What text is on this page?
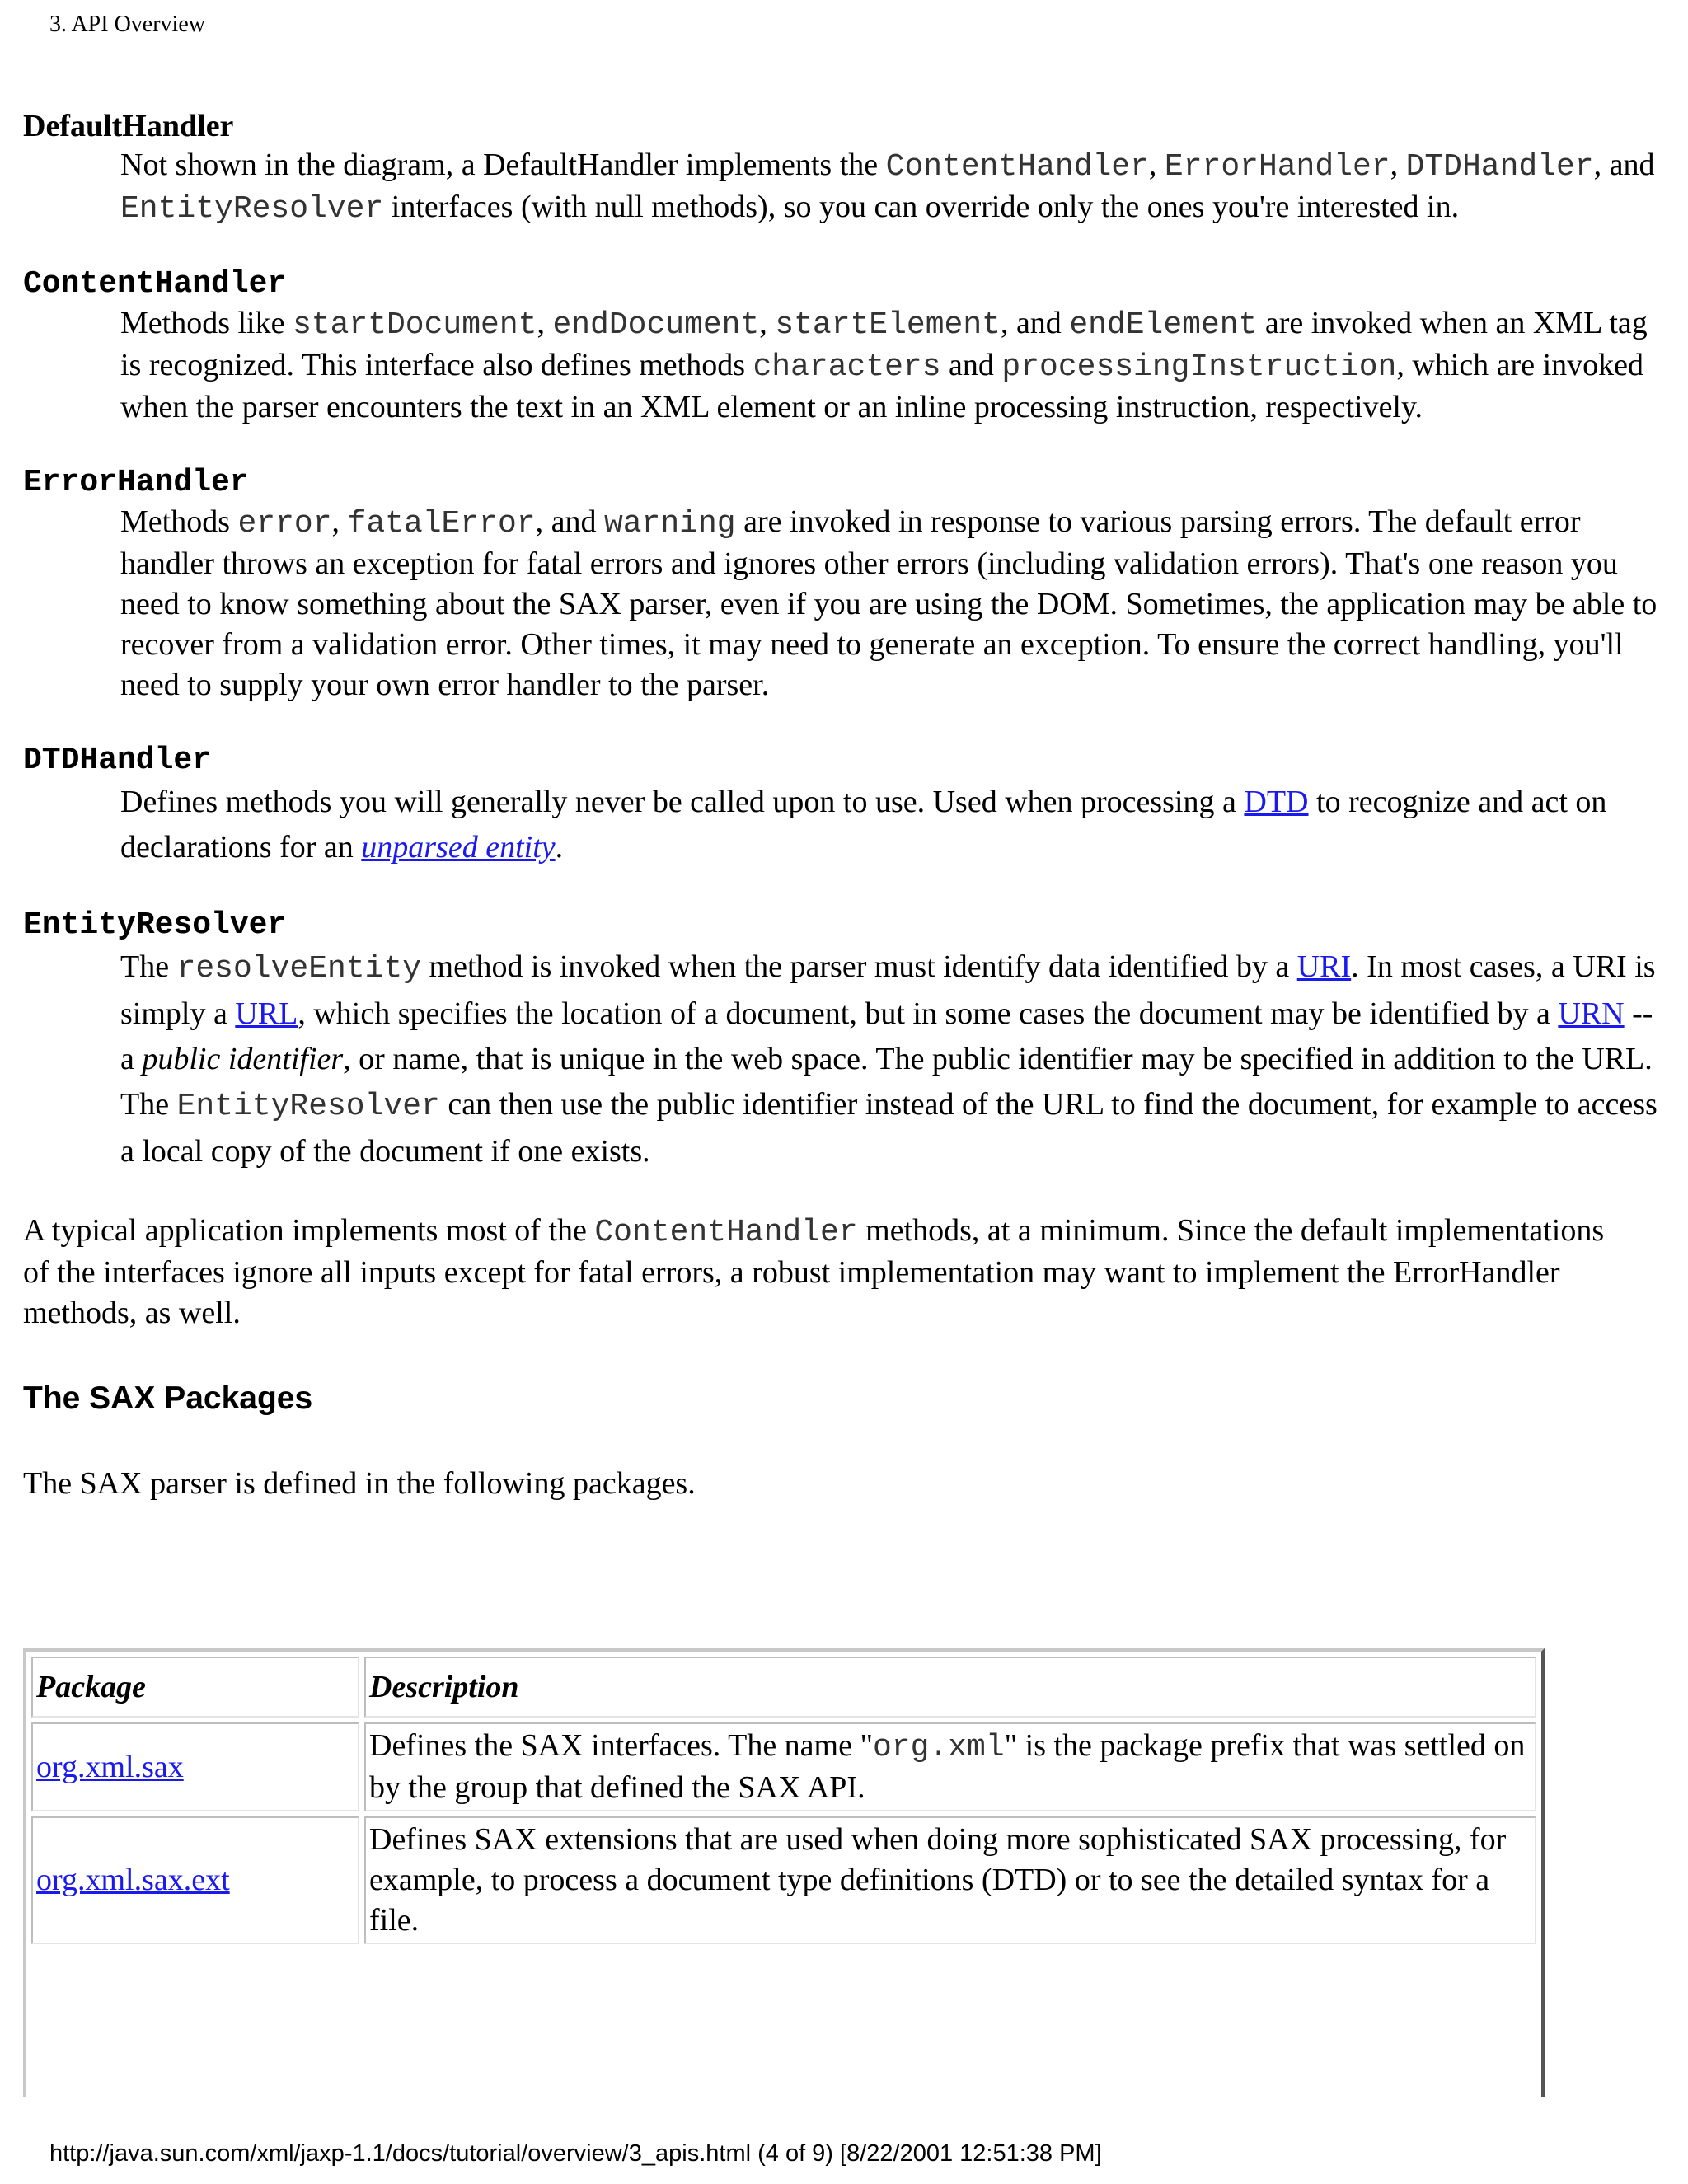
3. API Overview
DefaultHandler
Not shown in the diagram, a DefaultHandler implements the ContentHandler, ErrorHandler, DTDHandler, and EntityResolver interfaces (with null methods), so you can override only the ones you're interested in.
ContentHandler
Methods like startDocument, endDocument, startElement, and endElement are invoked when an XML tag is recognized. This interface also defines methods characters and processingInstruction, which are invoked when the parser encounters the text in an XML element or an inline processing instruction, respectively.
ErrorHandler
Methods error, fatalError, and warning are invoked in response to various parsing errors. The default error handler throws an exception for fatal errors and ignores other errors (including validation errors). That's one reason you need to know something about the SAX parser, even if you are using the DOM. Sometimes, the application may be able to recover from a validation error. Other times, it may need to generate an exception. To ensure the correct handling, you'll need to supply your own error handler to the parser.
DTDHandler
Defines methods you will generally never be called upon to use. Used when processing a DTD to recognize and act on declarations for an unparsed entity.
EntityResolver
The resolveEntity method is invoked when the parser must identify data identified by a URI. In most cases, a URI is simply a URL, which specifies the location of a document, but in some cases the document may be identified by a URN -- a public identifier, or name, that is unique in the web space. The public identifier may be specified in addition to the URL. The EntityResolver can then use the public identifier instead of the URL to find the document, for example to access a local copy of the document if one exists.

A typical application implements most of the ContentHandler methods, at a minimum. Since the default implementations of the interfaces ignore all inputs except for fatal errors, a robust implementation may want to implement the ErrorHandler methods, as well.

The SAX Packages

The SAX parser is defined in the following packages.

Package	Description
org.xml.sax	Defines the SAX interfaces. The name "org.xml" is the package prefix that was settled on by the group that defined the SAX API.
org.xml.sax.ext	Defines SAX extensions that are used when doing more sophisticated SAX processing, for example, to process a document type definitions (DTD) or to see the detailed syntax for a file.
http://java.sun.com/xml/jaxp-1.1/docs/tutorial/overview/3_apis.html (4 of 9) [8/22/2001 12:51:38 PM]
